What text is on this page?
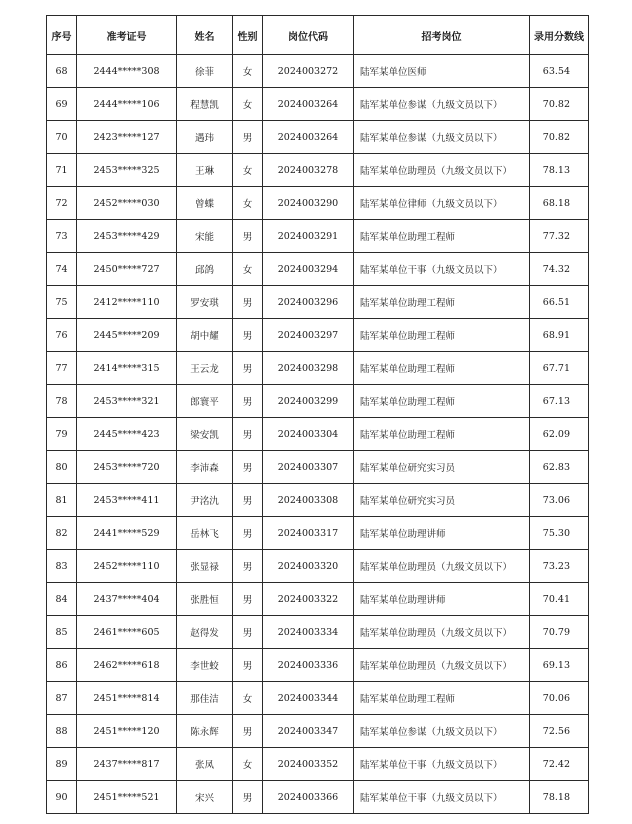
序号	准考证号	姓名	性别	岗位代码	招考岗位	录用分数线
68	2444*****308	徐菲	女	2024003272	陆军某单位医师	63.54
69	2444*****106	程慧凯	女	2024003264	陆军某单位参谋（九级文员以下）	70.82
70	2423*****127	遇玮	男	2024003264	陆军某单位参谋（九级文员以下）	70.82
71	2453*****325	王琳	女	2024003278	陆军某单位助理员（九级文员以下）	78.13
72	2452*****030	曾蝶	女	2024003290	陆军某单位律师（九级文员以下）	68.18
73	2453*****429	宋能	男	2024003291	陆军某单位助理工程师	77.32
74	2450*****727	邱鸽	女	2024003294	陆军某单位干事（九级文员以下）	74.32
75	2412*****110	罗安琪	男	2024003296	陆军某单位助理工程师	66.51
76	2445*****209	胡中耀	男	2024003297	陆军某单位助理工程师	68.91
77	2414*****315	王云龙	男	2024003298	陆军某单位助理工程师	67.71
78	2453*****321	郎寰平	男	2024003299	陆军某单位助理工程师	67.13
79	2445*****423	梁安凯	男	2024003304	陆军某单位助理工程师	62.09
80	2453*****720	李沛森	男	2024003307	陆军某单位研究实习员	62.83
81	2453*****411	尹洺氿	男	2024003308	陆军某单位研究实习员	73.06
82	2441*****529	岳林飞	男	2024003317	陆军某单位助理讲师	75.30
83	2452*****110	张显禄	男	2024003320	陆军某单位助理员（九级文员以下）	73.23
84	2437*****404	张胜恒	男	2024003322	陆军某单位助理讲师	70.41
85	2461*****605	赵得发	男	2024003334	陆军某单位助理员（九级文员以下）	70.79
86	2462*****618	李世蛟	男	2024003336	陆军某单位助理员（九级文员以下）	69.13
87	2451*****814	那佳洁	女	2024003344	陆军某单位助理工程师	70.06
88	2451*****120	陈永辉	男	2024003347	陆军某单位参谋（九级文员以下）	72.56
89	2437*****817	张凤	女	2024003352	陆军某单位干事（九级文员以下）	72.42
90	2451*****521	宋兴	男	2024003366	陆军某单位干事（九级文员以下）	78.18
